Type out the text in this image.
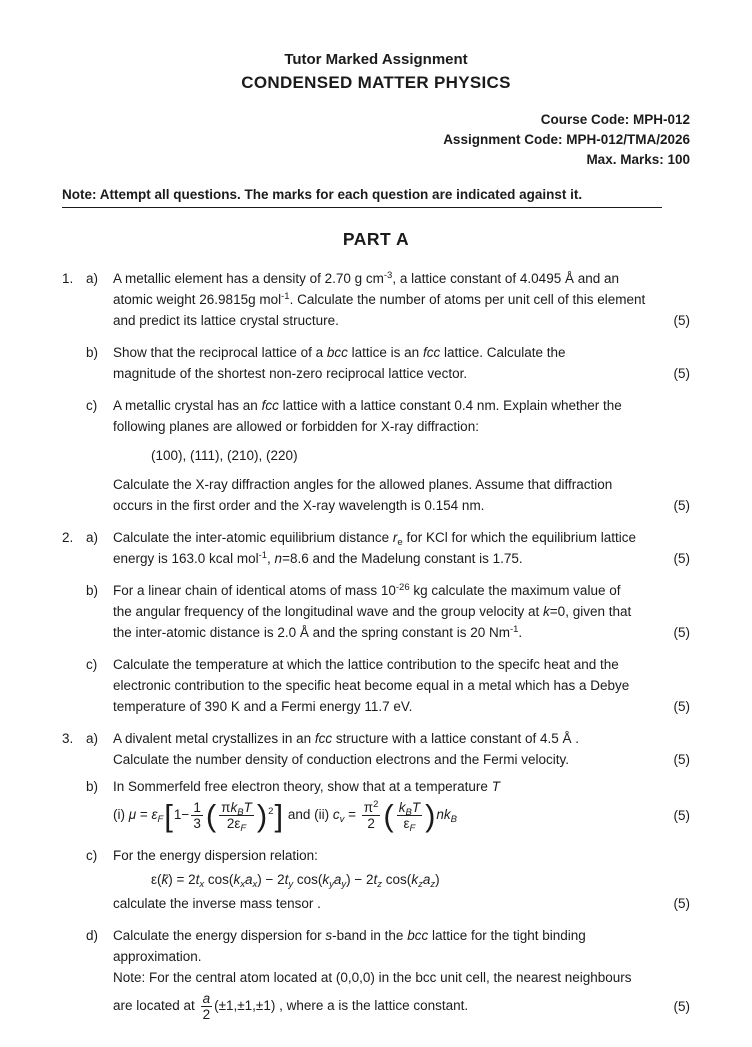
Tutor Marked Assignment
CONDENSED MATTER PHYSICS
Course Code: MPH-012
Assignment Code: MPH-012/TMA/2026
Max. Marks: 100
Note: Attempt all questions. The marks for each question are indicated against it.
PART A
1. a)	A metallic element has a density of 2.70 g $cm^{-3}$, a lattice constant of 4.0495 Å and an
atomic weight 26.9815g mol$^{-1}$. Calculate the number of atoms per unit cell of this element
and predict its lattice crystal structure.	(5)
b)	Show that the reciprocal lattice of a bcc lattice is an fcc lattice. Calculate the
magnitude of the shortest non-zero reciprocal lattice vector.	(5)
c)	A metallic crystal has an fcc lattice with a lattice constant 0.4 nm. Explain whether the
following planes are allowed or forbidden for X-ray diffraction:
(100), (111), (210), (220)
Calculate the X-ray diffraction angles for the allowed planes. Assume that diffraction
occurs in the first order and the X-ray wavelength is 0.154 nm.	(5)
2. a)	Calculate the inter-atomic equilibrium distance $r_e$ for KCl for which the equilibrium lattice
energy is 163.0 kcal mol$^{-1}$, n=8.6 and the Madelung constant is 1.75.	(5)
b)	For a linear chain of identical atoms of mass $10^{-26}$ kg calculate the maximum value of
the angular frequency of the longitudinal wave and the group velocity at k=0, given that
the inter-atomic distance is 2.0 Å and the spring constant is 20 $Nm^{-1}$.	(5)
c)	Calculate the temperature at which the lattice contribution to the specifc heat and the
electronic contribution to the specific heat become equal in a metal which has a Debye
temperature of 390 K and a Fermi energy 11.7 eV.	(5)
3. a)	A divalent metal crystallizes in an fcc structure with a lattice constant of 4.5 Å .
Calculate the number density of conduction electrons and the Fermi velocity.	(5)
b)	In Sommerfeld free electron theory, show that at a temperature T
(i) $\mu = \varepsilon_F[1- \frac{1}{3}$ ( $\frac{\pi k_BT}{2\varepsilon_F} )^2$] and (ii) $c_v = \frac{\pi^2}{2}$ ( $\frac{k_BT}{\varepsilon_F} )nk_B$	(5)
c)	For the energy dispersion relation:
ε(k̄) = $2t_x$ $\cos(k_xa_x) - 2t_y$ $\cos(k_ya_y) - 2t_z$ $\cos(k_za_z)$
calculate the inverse mass tensor .	(5)
d)	Calculate the energy dispersion for s-band in the bcc lattice for the tight binding
approximation.
Note: For the central atom located at (0,0,0) in the bcc unit cell, the nearest neighbours
are located at $\frac{a}{2} (\pm 1,\pm 1,\pm 1)$ , where a is the lattice constant.	(5)
